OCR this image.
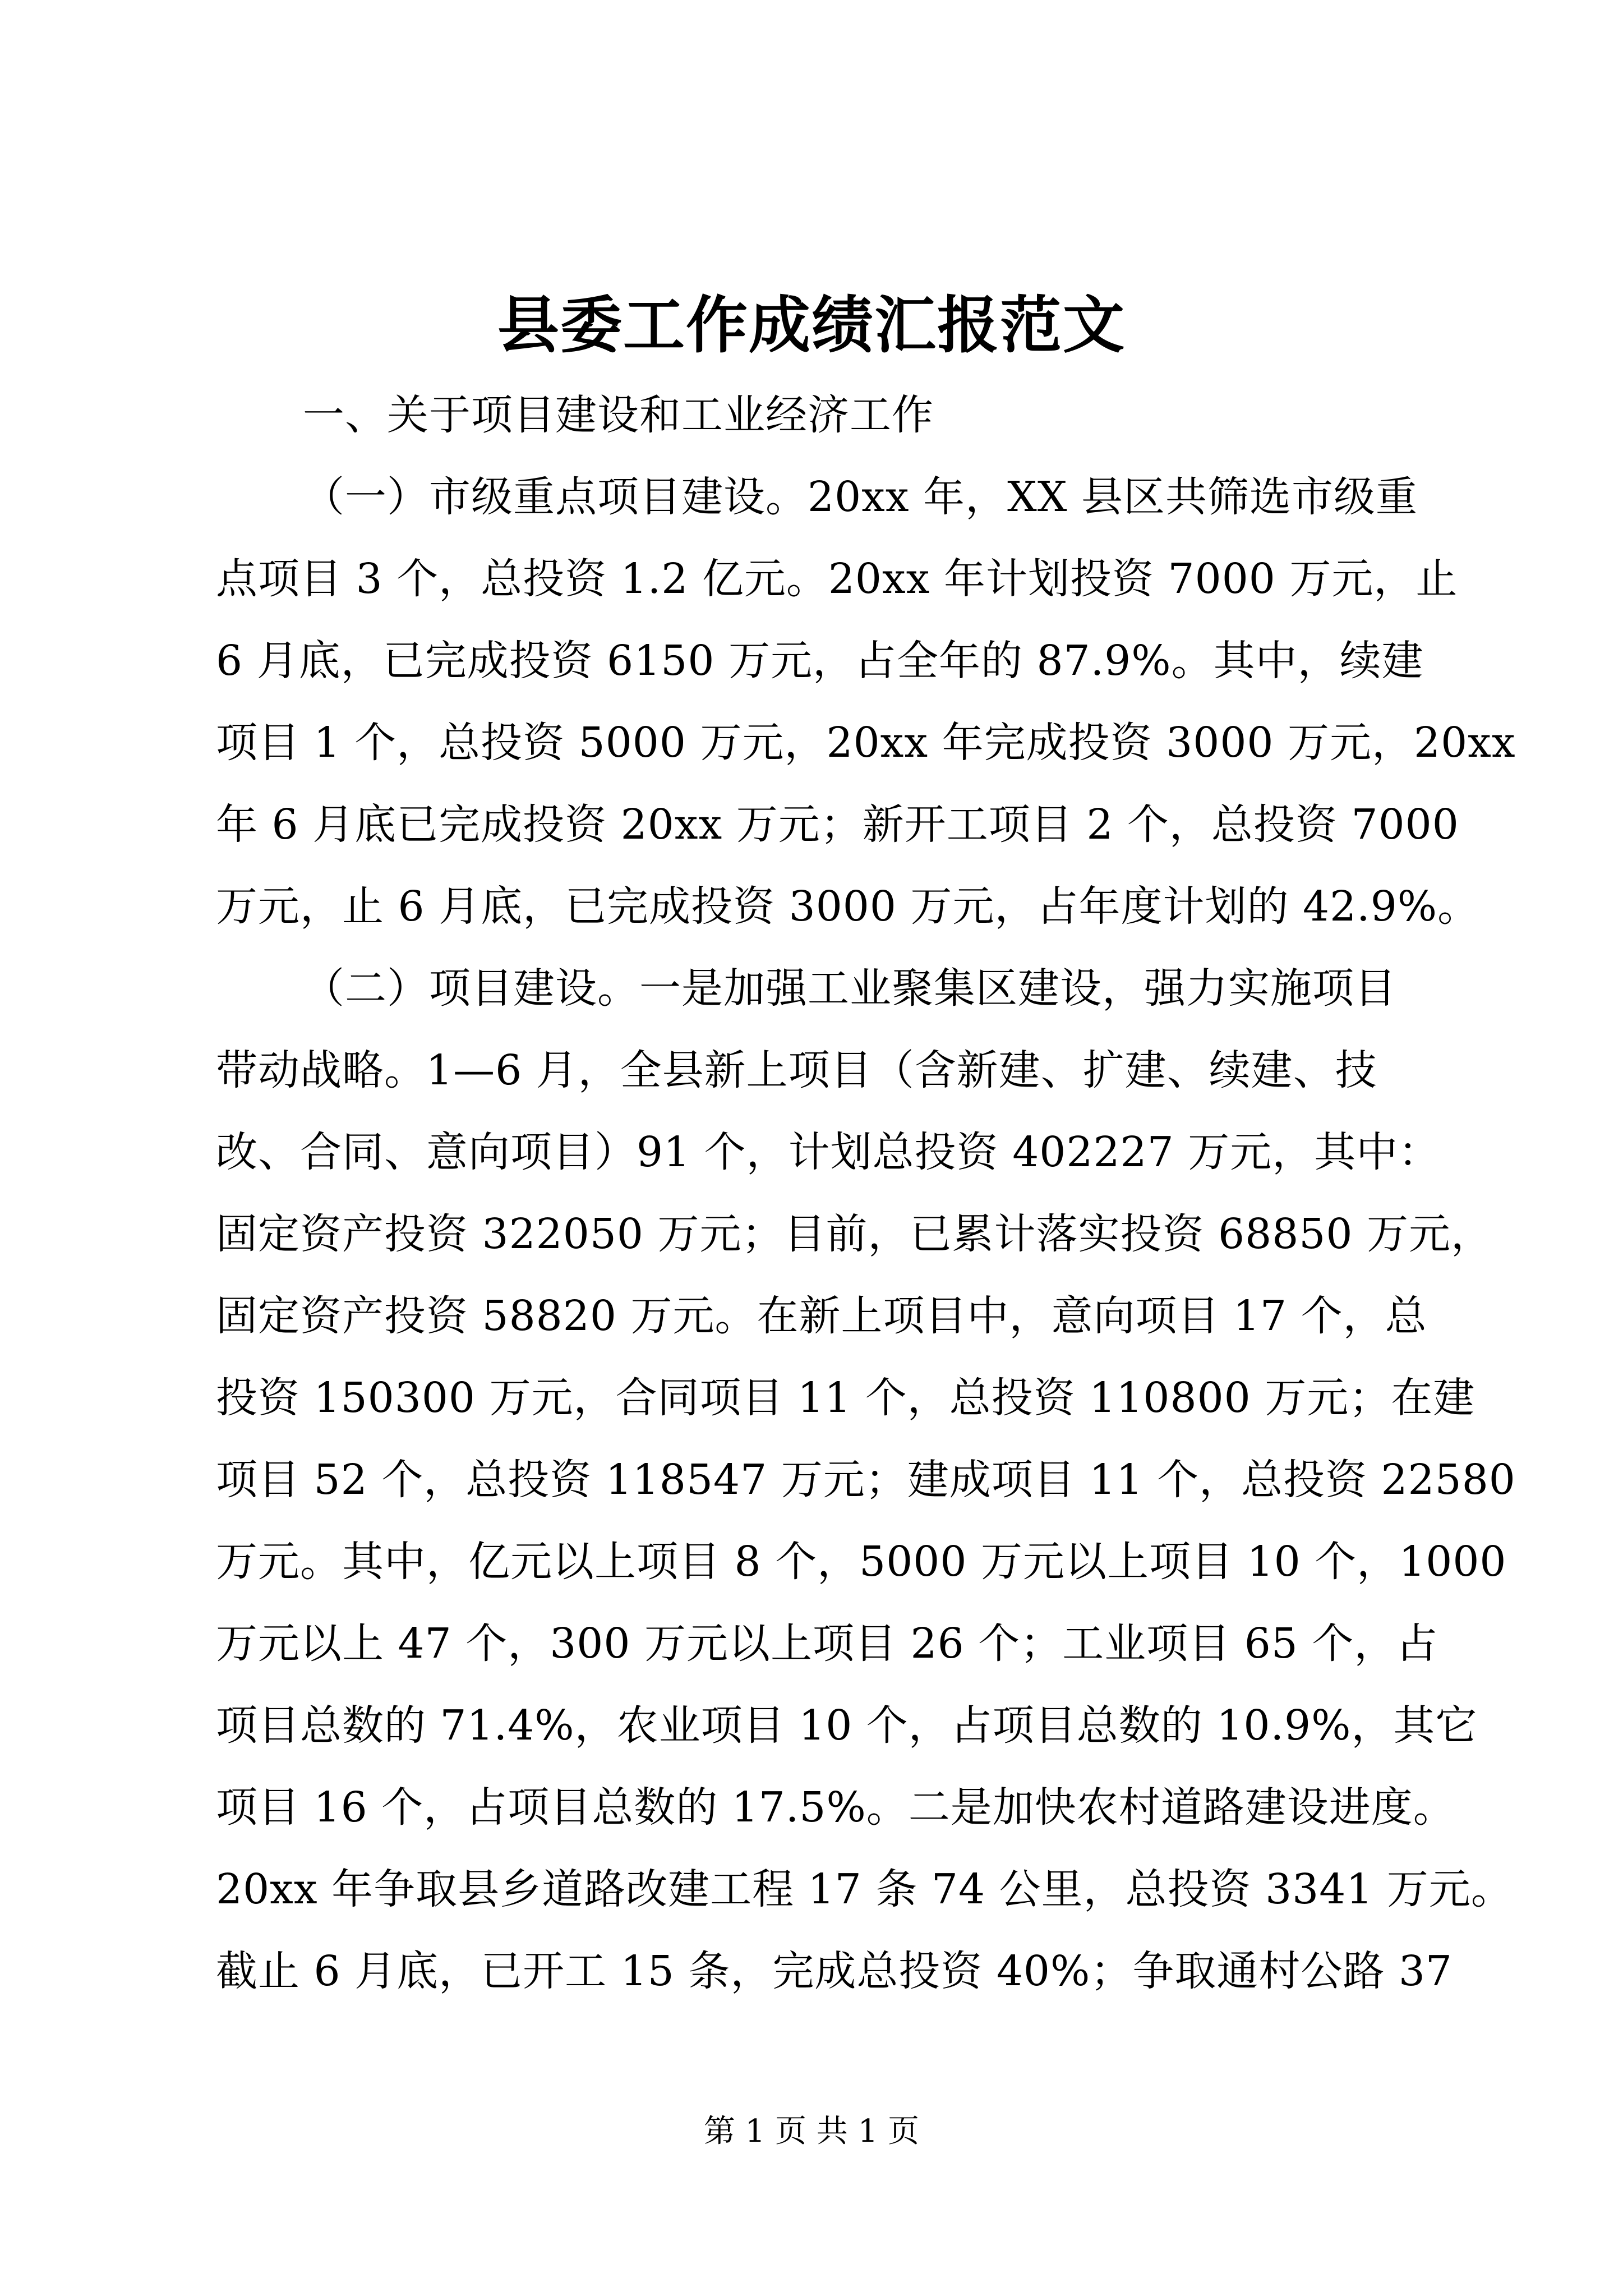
县委工作成绩汇报范文
一、关于项目建设和工业经济工作
（一）市级重点项目建设。20xx 年，XX 县区共筛选市级重
点项目 3 个，总投资 1.2 亿元。20xx 年计划投资 7000 万元，止
6 月底，已完成投资 6150 万元，占全年的 87.9%。其中，续建
项目 1 个，总投资 5000 万元，20xx 年完成投资 3000 万元，20xx
年 6 月底已完成投资 20xx 万元；新开工项目 2 个，总投资 7000
万元，止 6 月底，已完成投资 3000 万元，占年度计划的 42.9%。
（二）项目建设。一是加强工业聚集区建设，强力实施项目
带动战略。1—6 月，全县新上项目（含新建、扩建、续建、技
改、合同、意向项目）91 个，计划总投资 402227 万元，其中：
固定资产投资 322050 万元；目前，已累计落实投资 68850 万元，
固定资产投资 58820 万元。在新上项目中，意向项目 17 个，总
投资 150300 万元，合同项目 11 个，总投资 110800 万元；在建
项目 52 个，总投资 118547 万元；建成项目 11 个，总投资 22580
万元。其中，亿元以上项目 8 个，5000 万元以上项目 10 个，1000
万元以上 47 个，300 万元以上项目 26 个；工业项目 65 个，占
项目总数的 71.4%，农业项目 10 个，占项目总数的 10.9%，其它
项目 16 个，占项目总数的 17.5%。二是加快农村道路建设进度。
20xx 年争取县乡道路改建工程 17 条 74 公里，总投资 3341 万元。
截止 6 月底，已开工 15 条，完成总投资 40%；争取通村公路 37
第 1 页 共 1 页
